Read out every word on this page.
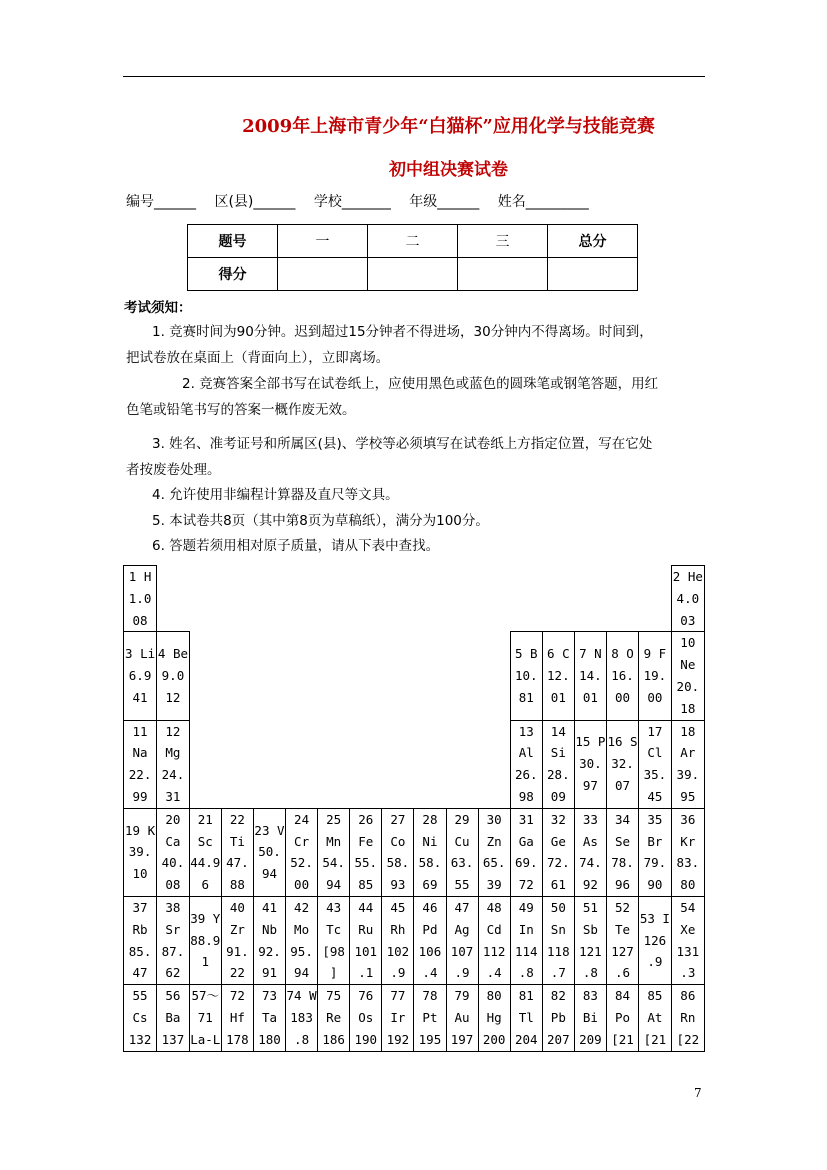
2009年上海市青少年“白猫杯”应用化学与技能竞赛
初中组决赛试卷
编号______ 区(县)______ 学校_______ 年级______ 姓名_________
题号	一	二	三	总分
得分				
考试须知：
1. 竞赛时间为90分钟。迟到超过15分钟者不得进场，30分钟内不得离场。时间到，
把试卷放在桌面上（背面向上），立即离场。
2. 竞赛答案全部书写在试卷纸上，应使用黑色或蓝色的圆珠笔或钢笔答题，用红
色笔或铅笔书写的答案一概作废无效。
3. 姓名、准考证号和所属区(县)、学校等必须填写在试卷纸上方指定位置，写在它处
者按废卷处理。
4. 允许使用非编程计算器及直尺等文具。
5. 本试卷共8页（其中第8页为草稿纸），满分为100分。
6. 答题若须用相对原子质量，请从下表中查找。
1 H 1.0 08																	2 He 4.0 03
3 Li 6.9 41	4 Be 9.0 12											5 B 10. 81	6 C 12. 01	7 N 14. 01	8 O 16. 00	9 F 19. 00	10 Ne 20. 18
11 Na 22. 99	12 Mg 24. 31											13 Al 26. 98	14 Si 28. 09	15 P 30. 97	16 S 32. 07	17 Cl 35. 45	18 Ar 39. 95
19 K 39. 10	20 Ca 40. 08	21 Sc 44.9 6	22 Ti 47. 88	23 V 50. 94	24 Cr 52. 00	25 Mn 54. 94	26 Fe 55. 85	27 Co 58. 93	28 Ni 58. 69	29 Cu 63. 55	30 Zn 65. 39	31 Ga 69. 72	32 Ge 72. 61	33 As 74. 92	34 Se 78. 96	35 Br 79. 90	36 Kr 83. 80
37 Rb 85. 47	38 Sr 87. 62	39 Y 88.9 1	40 Zr 91. 22	41 Nb 92. 91	42 Mo 95. 94	43 Tc [98 ]	44 Ru 101 .1	45 Rh 102 .9	46 Pd 106 .4	47 Ag 107 .9	48 Cd 112 .4	49 In 114 .8	50 Sn 118 .7	51 Sb 121 .8	52 Te 127 .6	53 I 126 .9	54 Xe 131 .3
55 Cs 132	56 Ba 137	57～ 71 La-L	72 Hf 178	73 Ta 180	74 W 183 .8	75 Re 186	76 Os 190	77 Ir 192	78 Pt 195	79 Au 197	80 Hg 200	81 Tl 204	82 Pb 207	83 Bi 209	84 Po [21	85 At [21	86 Rn [22
7
